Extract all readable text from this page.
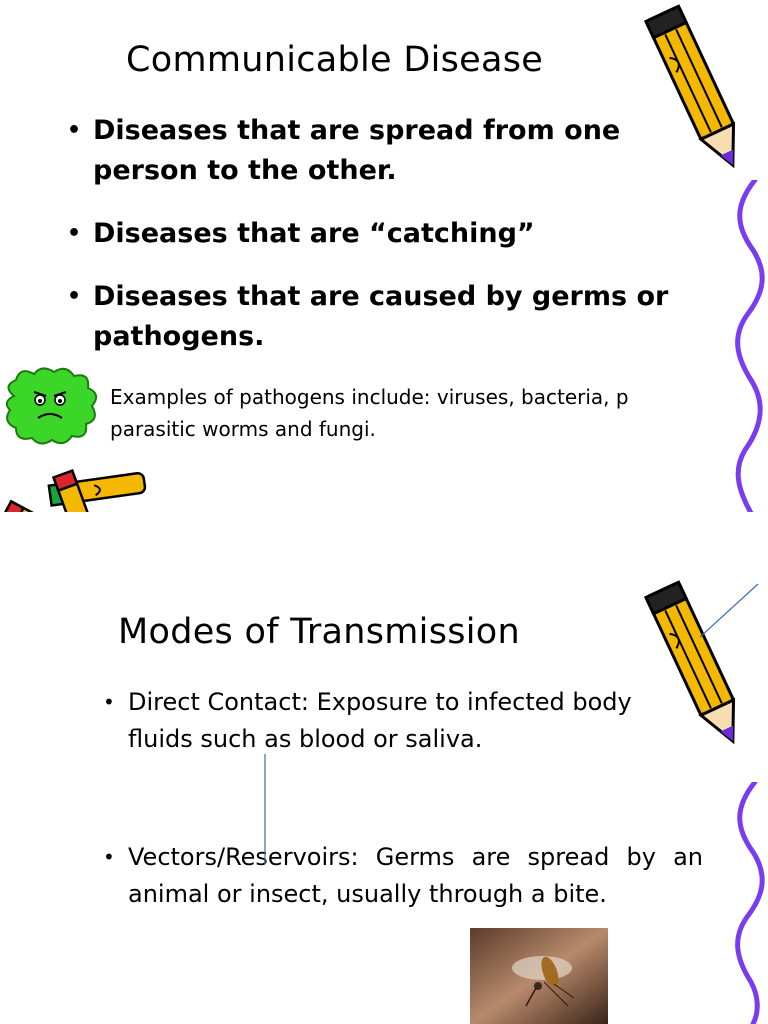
Communicable Disease
• Diseases that are spread from one person to the other.
• Diseases that are “catching”
• Diseases that are caused by germs or pathogens.

Examples of pathogens include: viruses, bacteria, p parasitic worms and fungi.

Modes of Transmission
• Direct Contact: Exposure to infected body fluids such as blood or saliva.
• Vectors/Reservoirs: Germs are spread by an animal or insect, usually through a bite.
